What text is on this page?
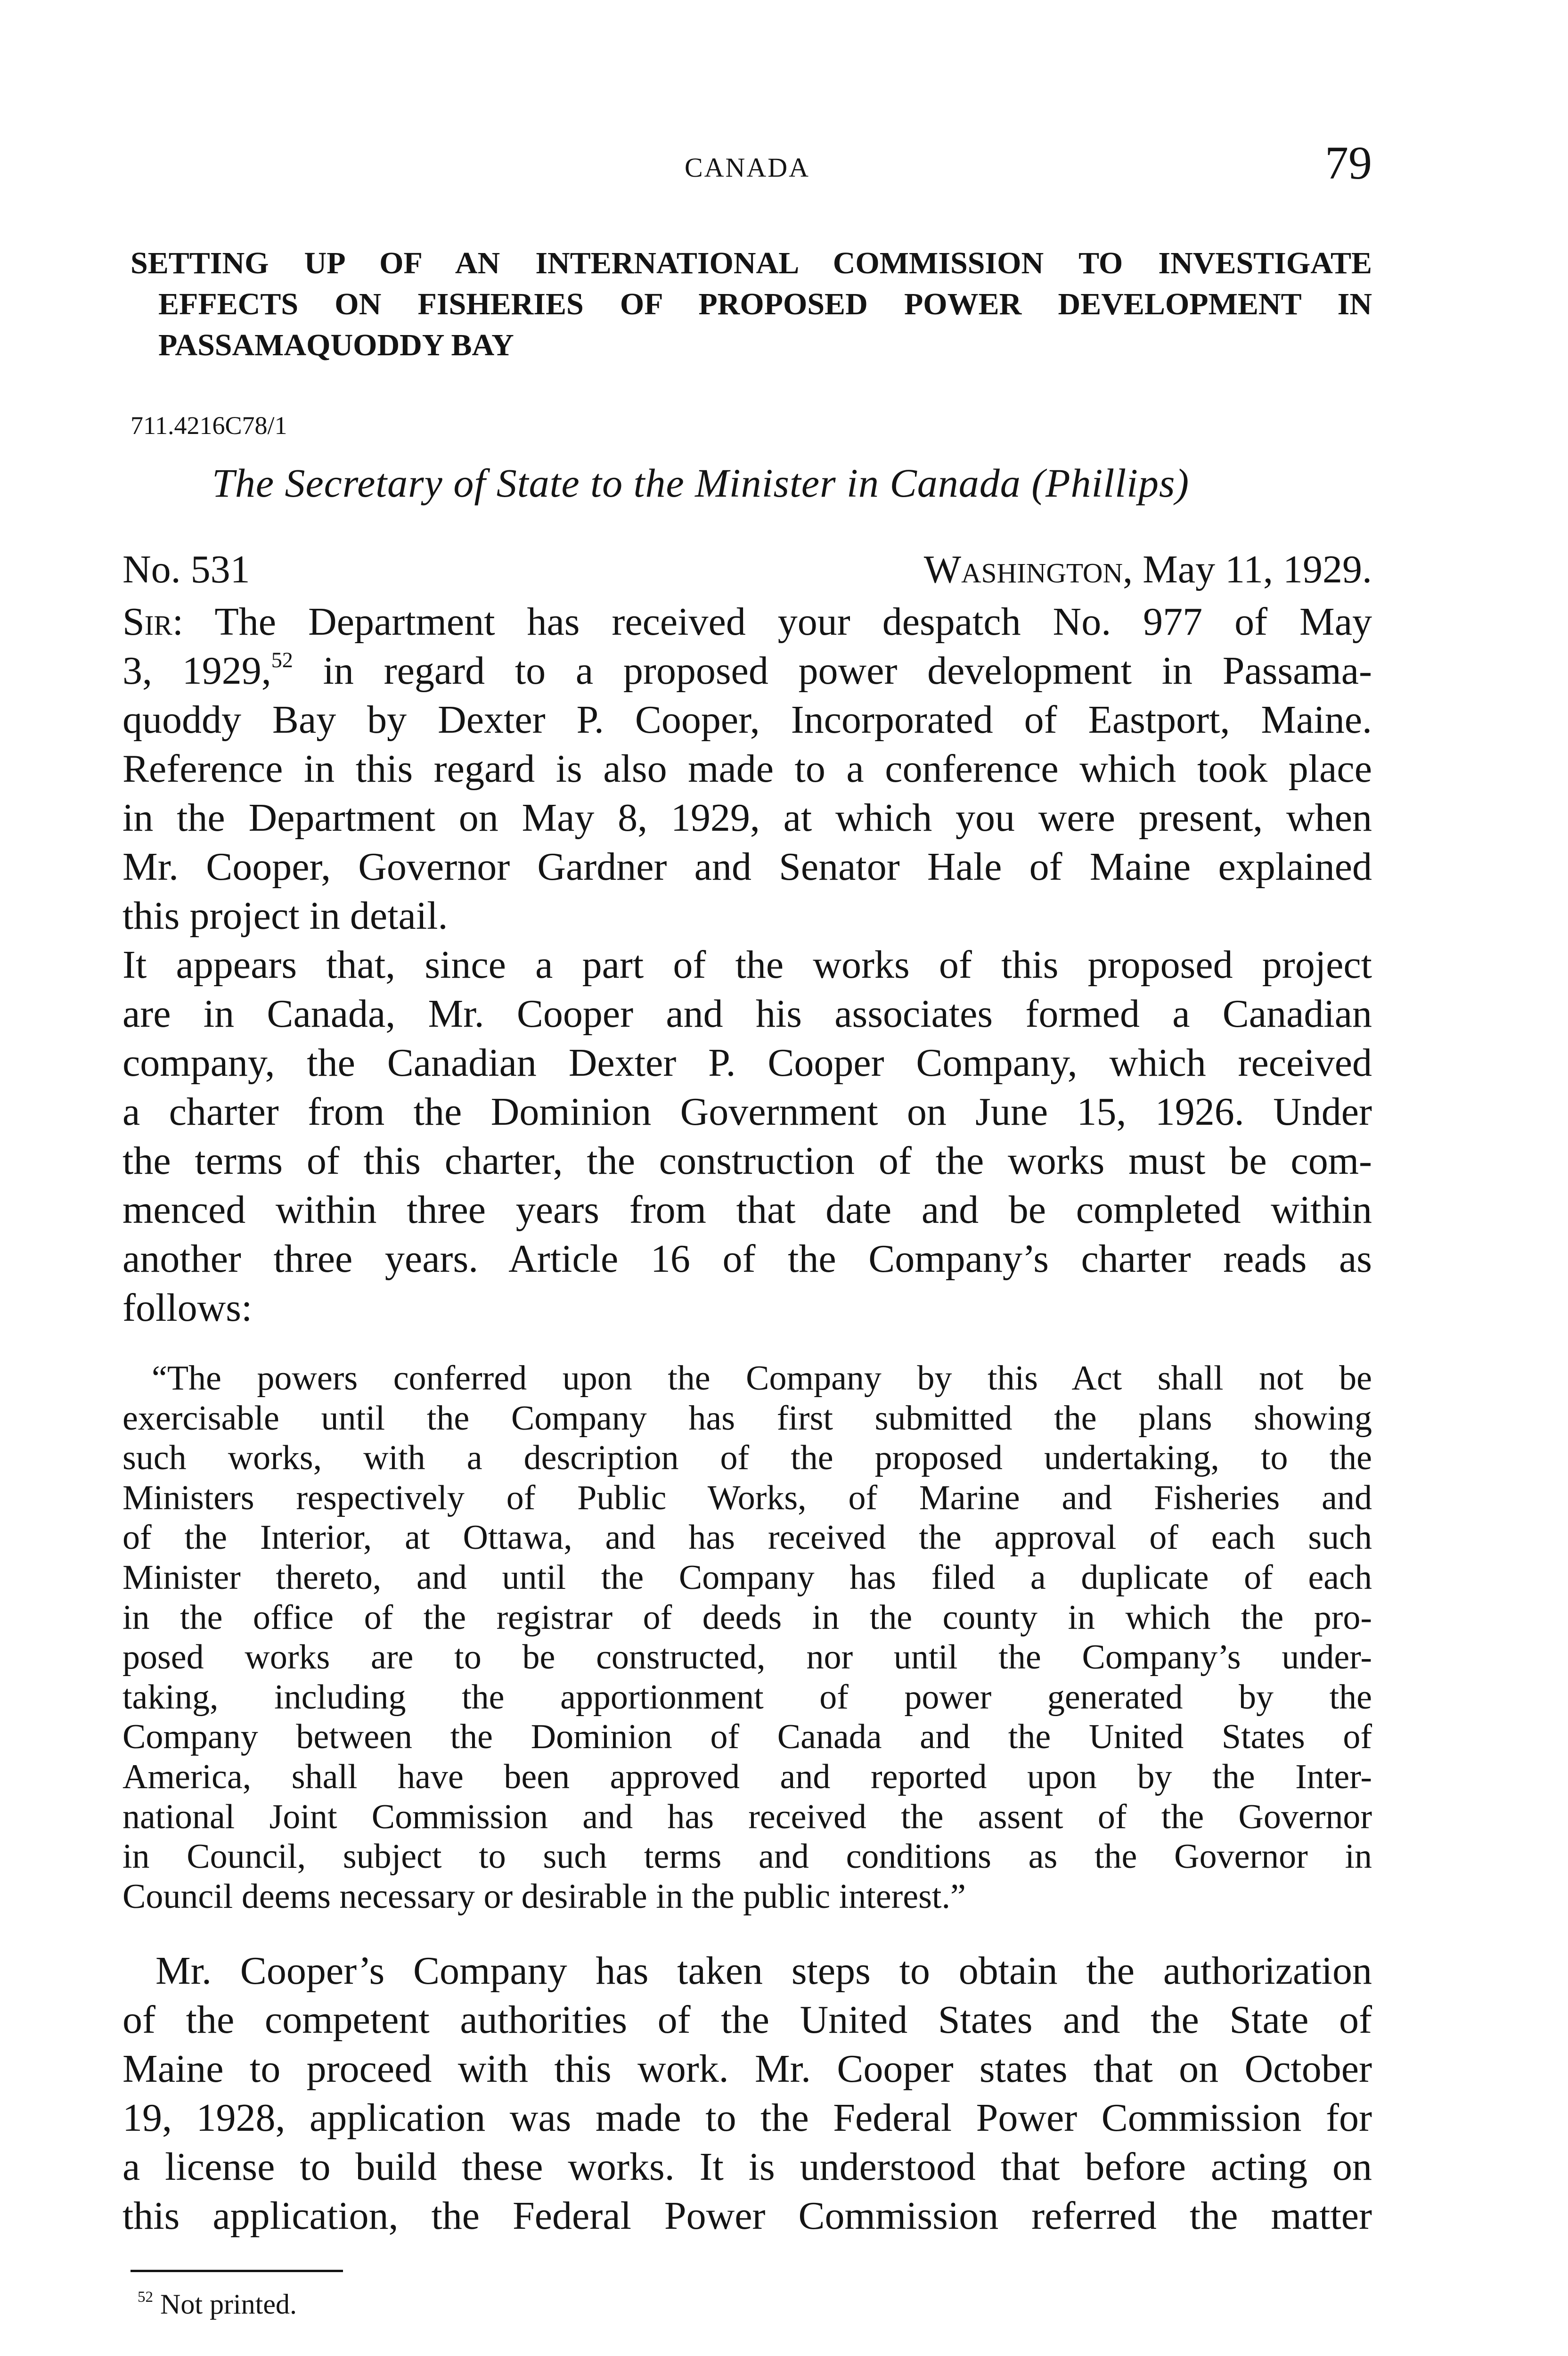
CANADA	79
SETTING UP OF AN INTERNATIONAL COMMISSION TO INVESTIGATE
EFFECTS ON FISHERIES OF PROPOSED POWER DEVELOPMENT IN
PASSAMAQUODDY BAY
711.4216C78/1
The Secretary of State to the Minister in Canada (Phillips)
No. 531	Washington, May 11, 1929.
Sir: The Department has received your despatch No. 977 of May
3, 1929,52 in regard to a proposed power development in Passama-
quoddy Bay by Dexter P. Cooper, Incorporated of Eastport, Maine.
Reference in this regard is also made to a conference which took place
in the Department on May 8, 1929, at which you were present, when
Mr. Cooper, Governor Gardner and Senator Hale of Maine explained
this project in detail.
It appears that, since a part of the works of this proposed project
are in Canada, Mr. Cooper and his associates formed a Canadian
company, the Canadian Dexter P. Cooper Company, which received
a charter from the Dominion Government on June 15, 1926. Under
the terms of this charter, the construction of the works must be com-
menced within three years from that date and be completed within
another three years. Article 16 of the Company’s charter reads as
follows:
“The powers conferred upon the Company by this Act shall not be
exercisable until the Company has first submitted the plans showing
such works, with a description of the proposed undertaking, to the
Ministers respectively of Public Works, of Marine and Fisheries and
of the Interior, at Ottawa, and has received the approval of each such
Minister thereto, and until the Company has filed a duplicate of each
in the office of the registrar of deeds in the county in which the pro-
posed works are to be constructed, nor until the Company’s under-
taking, including the apportionment of power generated by the
Company between the Dominion of Canada and the United States of
America, shall have been approved and reported upon by the Inter-
national Joint Commission and has received the assent of the Governor
in Council, subject to such terms and conditions as the Governor in
Council deems necessary or desirable in the public interest.”
Mr. Cooper’s Company has taken steps to obtain the authorization
of the competent authorities of the United States and the State of
Maine to proceed with this work. Mr. Cooper states that on October
19, 1928, application was made to the Federal Power Commission for
a license to build these works. It is understood that before acting on
this application, the Federal Power Commission referred the matter
$^{52}$ Not printed.
